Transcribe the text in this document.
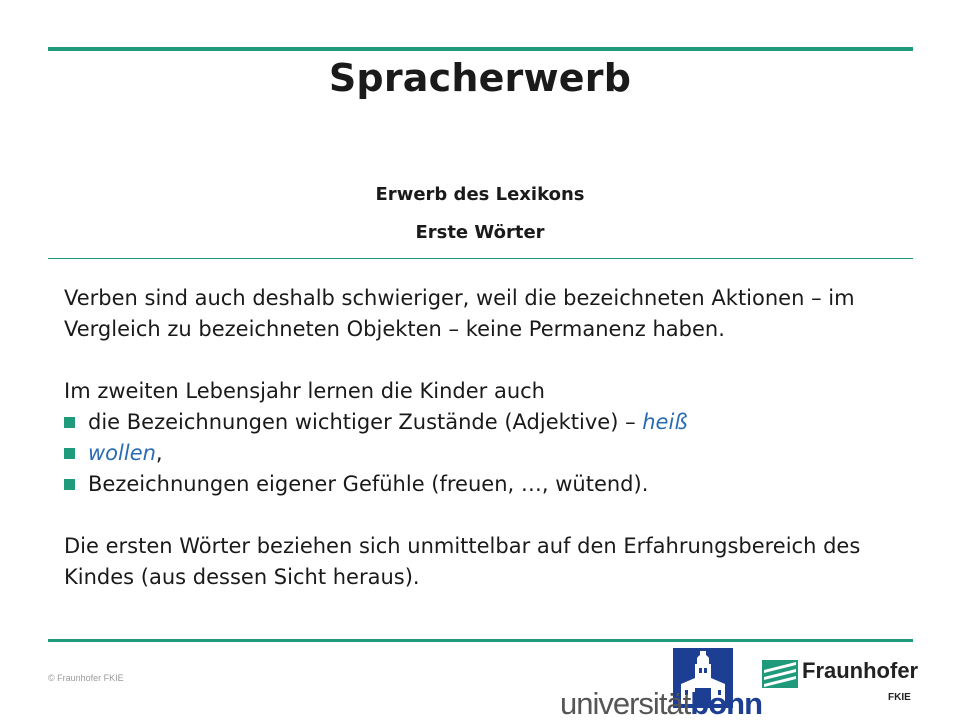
Spracherwerb
Erwerb des Lexikons
Erste Wörter

Verben sind auch deshalb schwieriger, weil die bezeichneten Aktionen – im Vergleich zu bezeichneten Objekten – keine Permanenz haben.

Im zweiten Lebensjahr lernen die Kinder auch

die Bezeichnungen wichtiger Zustände (Adjektive) – heiß
wollen,
Bezeichnungen eigener Gefühle (freuen, …, wütend).

Die ersten Wörter beziehen sich unmittelbar auf den Erfahrungsbereich des Kindes (aus dessen Sicht heraus).

© Fraunhofer FKIE
universitätbonn
Fraunhofer
FKIE
